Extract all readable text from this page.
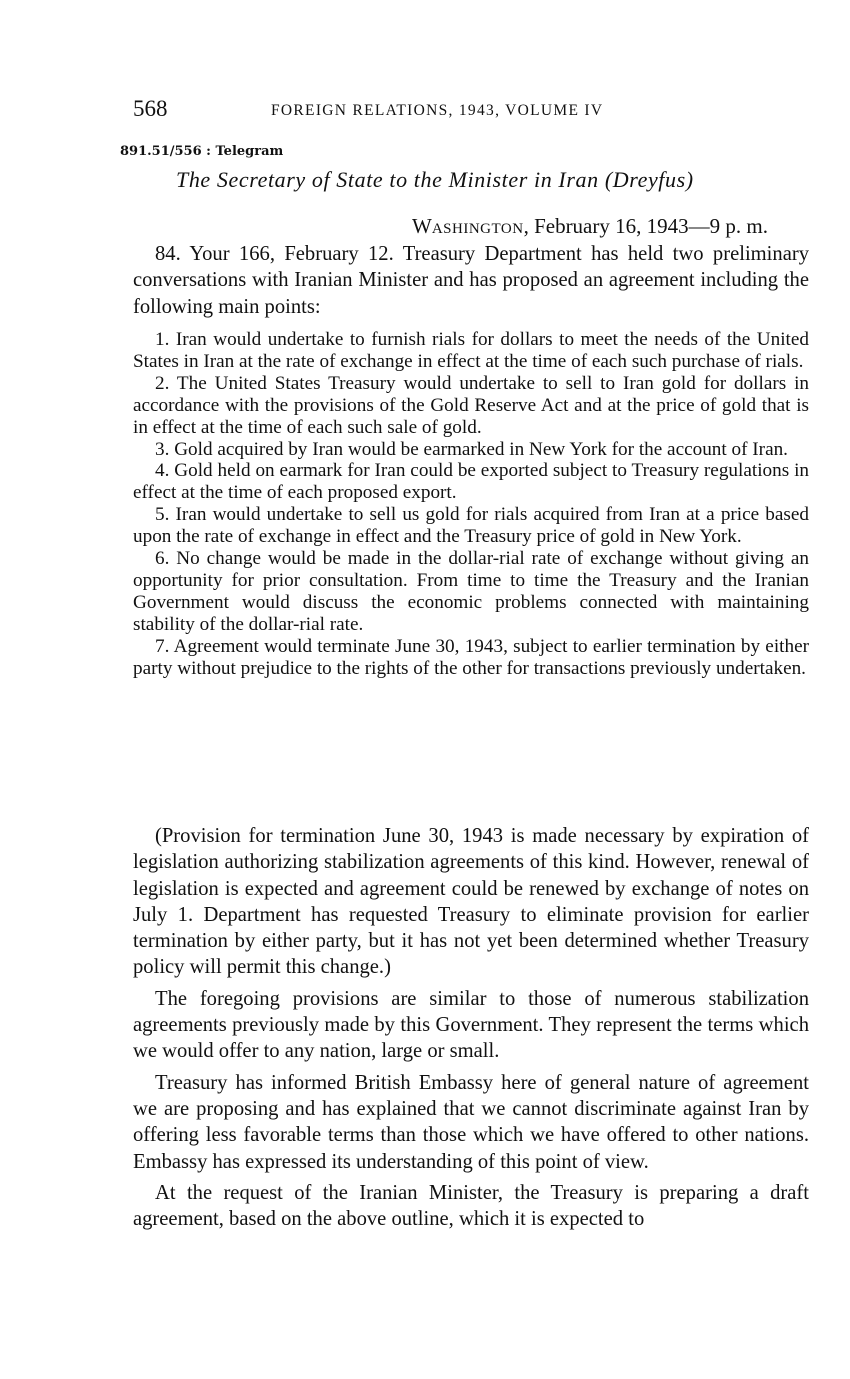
568	FOREIGN RELATIONS, 1943, VOLUME IV
891.51/556 : Telegram
The Secretary of State to the Minister in Iran (Dreyfus)
WASHINGTON, February 16, 1943—9 p. m.

84. Your 166, February 12. Treasury Department has held two preliminary conversations with Iranian Minister and has proposed an agreement including the following main points:

1. Iran would undertake to furnish rials for dollars to meet the needs of the United States in Iran at the rate of exchange in effect at the time of each such purchase of rials.

2. The United States Treasury would undertake to sell to Iran gold for dollars in accordance with the provisions of the Gold Reserve Act and at the price of gold that is in effect at the time of each such sale of gold.

3. Gold acquired by Iran would be earmarked in New York for the account of Iran.

4. Gold held on earmark for Iran could be exported subject to Treasury regulations in effect at the time of each proposed export.

5. Iran would undertake to sell us gold for rials acquired from Iran at a price based upon the rate of exchange in effect and the Treasury price of gold in New York.

6. No change would be made in the dollar-rial rate of exchange without giving an opportunity for prior consultation. From time to time the Treasury and the Iranian Government would discuss the economic problems connected with maintaining stability of the dollar-rial rate.

7. Agreement would terminate June 30, 1943, subject to earlier termination by either party without prejudice to the rights of the other for transactions previously undertaken.

(Provision for termination June 30, 1943 is made necessary by expiration of legislation authorizing stabilization agreements of this kind. However, renewal of legislation is expected and agreement could be renewed by exchange of notes on July 1. Department has requested Treasury to eliminate provision for earlier termination by either party, but it has not yet been determined whether Treasury policy will permit this change.)

The foregoing provisions are similar to those of numerous stabilization agreements previously made by this Government. They represent the terms which we would offer to any nation, large or small.

Treasury has informed British Embassy here of general nature of agreement we are proposing and has explained that we cannot discriminate against Iran by offering less favorable terms than those which we have offered to other nations. Embassy has expressed its understanding of this point of view.

At the request of the Iranian Minister, the Treasury is preparing a draft agreement, based on the above outline, which it is expected to
